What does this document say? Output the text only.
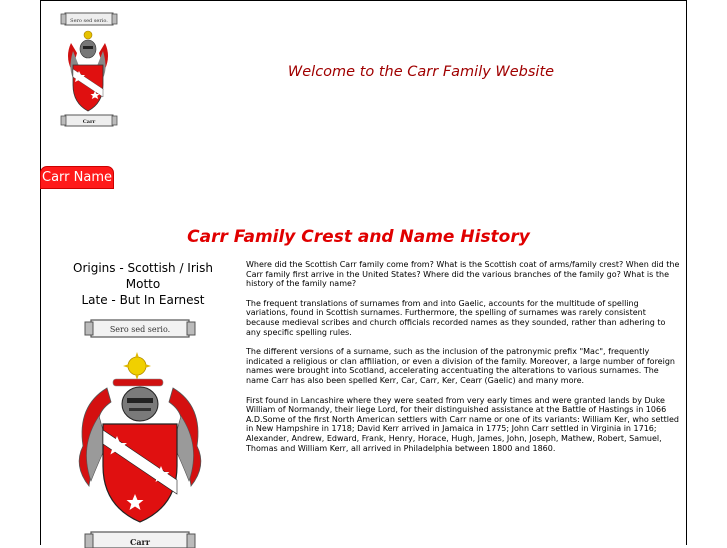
Sero sed serio.
Carr
Welcome to the Carr Family Website
Carr Name
Carr Family Crest and Name History
Origins - Scottish / Irish
Motto
Late - But In Earnest
Sero sed serio.
Carr

Where did the Scottish Carr family come from? What is the Scottish coat of arms/family crest? When did the Carr family first arrive in the United States? Where did the various branches of the family go? What is the history of the family name?

The frequent translations of surnames from and into Gaelic, accounts for the multitude of spelling variations, found in Scottish surnames. Furthermore, the spelling of surnames was rarely consistent because medieval scribes and church officials recorded names as they sounded, rather than adhering to any specific spelling rules.

The different versions of a surname, such as the inclusion of the patronymic prefix "Mac", frequently indicated a religious or clan affiliation, or even a division of the family. Moreover, a large number of foreign names were brought into Scotland, accelerating accentuating the alterations to various surnames. The name Carr has also been spelled Kerr, Car, Carr, Ker, Cearr (Gaelic) and many more.

First found in Lancashire where they were seated from very early times and were granted lands by Duke William of Normandy, their liege Lord, for their distinguished assistance at the Battle of Hastings in 1066 A.D.Some of the first North American settlers with Carr name or one of its variants: William Ker, who settled in New Hampshire in 1718; David Kerr arrived in Jamaica in 1775; John Carr settled in Virginia in 1716; Alexander, Andrew, Edward, Frank, Henry, Horace, Hugh, James, John, Joseph, Mathew, Robert, Samuel, Thomas and William Kerr, all arrived in Philadelphia between 1800 and 1860.
